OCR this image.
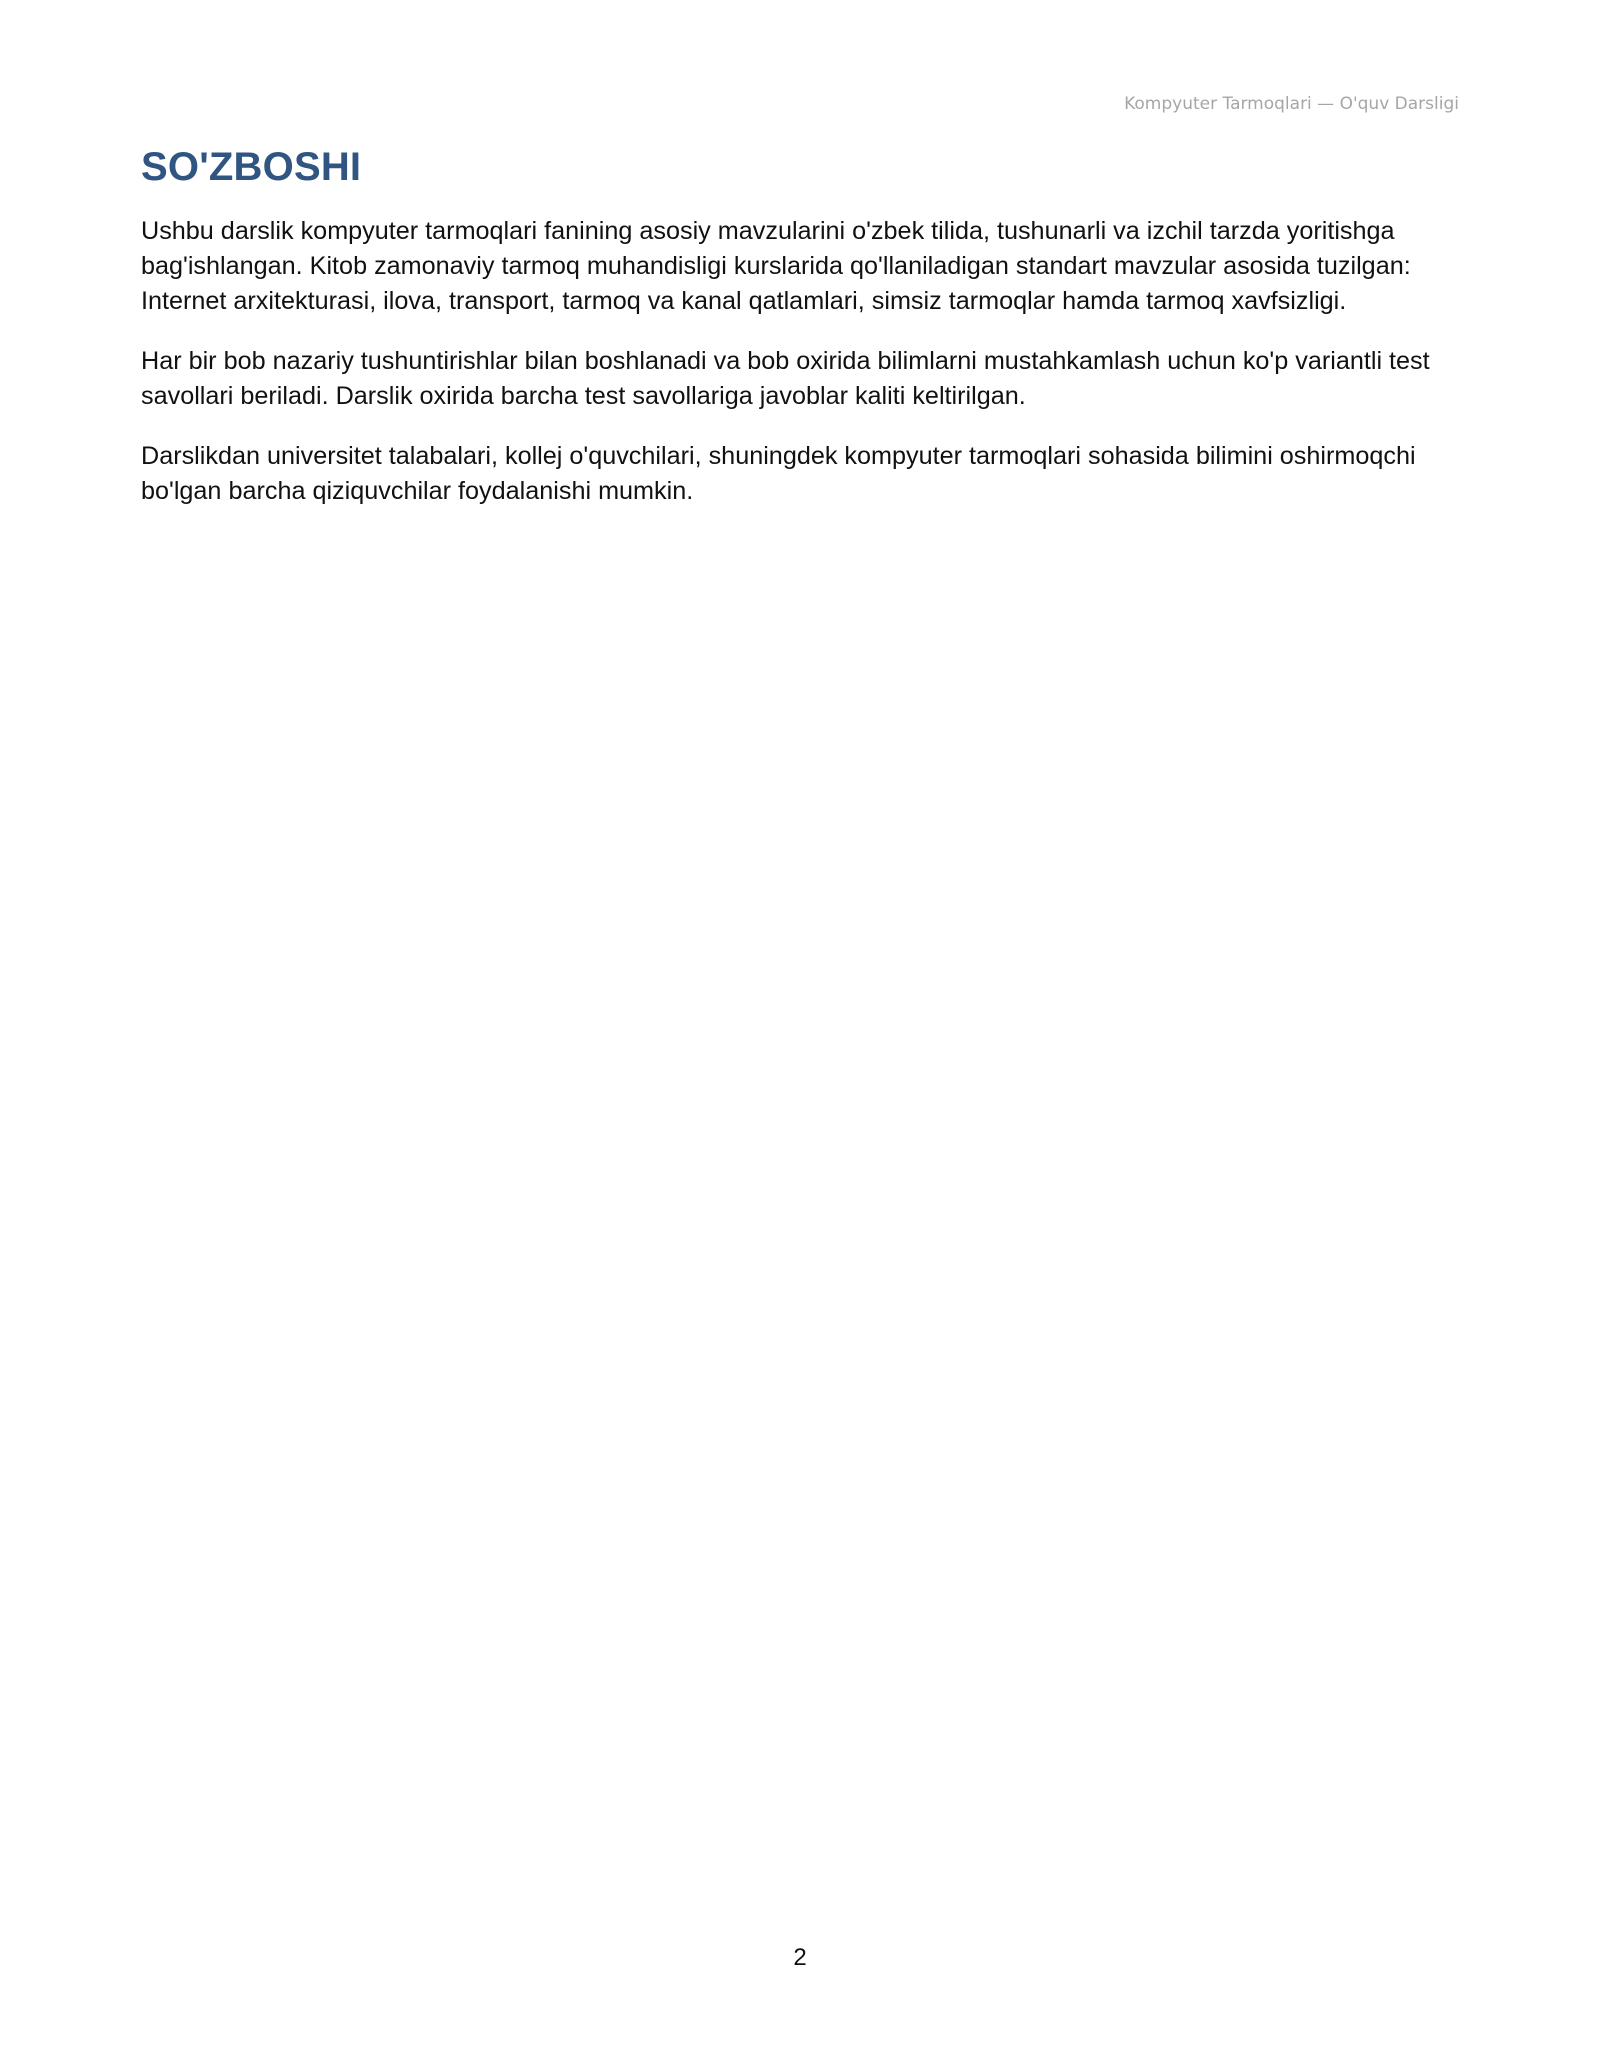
Kompyuter Tarmoqlari — O'quv Darsligi
SO'ZBOSHI

Ushbu darslik kompyuter tarmoqlari fanining asosiy mavzularini o'zbek tilida, tushunarli va izchil tarzda yoritishga bag'ishlangan. Kitob zamonaviy tarmoq muhandisligi kurslarida qo'llaniladigan standart mavzular asosida tuzilgan: Internet arxitekturasi, ilova, transport, tarmoq va kanal qatlamlari, simsiz tarmoqlar hamda tarmoq xavfsizligi.

Har bir bob nazariy tushuntirishlar bilan boshlanadi va bob oxirida bilimlarni mustahkamlash uchun ko'p variantli test savollari beriladi. Darslik oxirida barcha test savollariga javoblar kaliti keltirilgan.

Darslikdan universitet talabalari, kollej o'quvchilari, shuningdek kompyuter tarmoqlari sohasida bilimini oshirmoqchi bo'lgan barcha qiziquvchilar foydalanishi mumkin.

2
